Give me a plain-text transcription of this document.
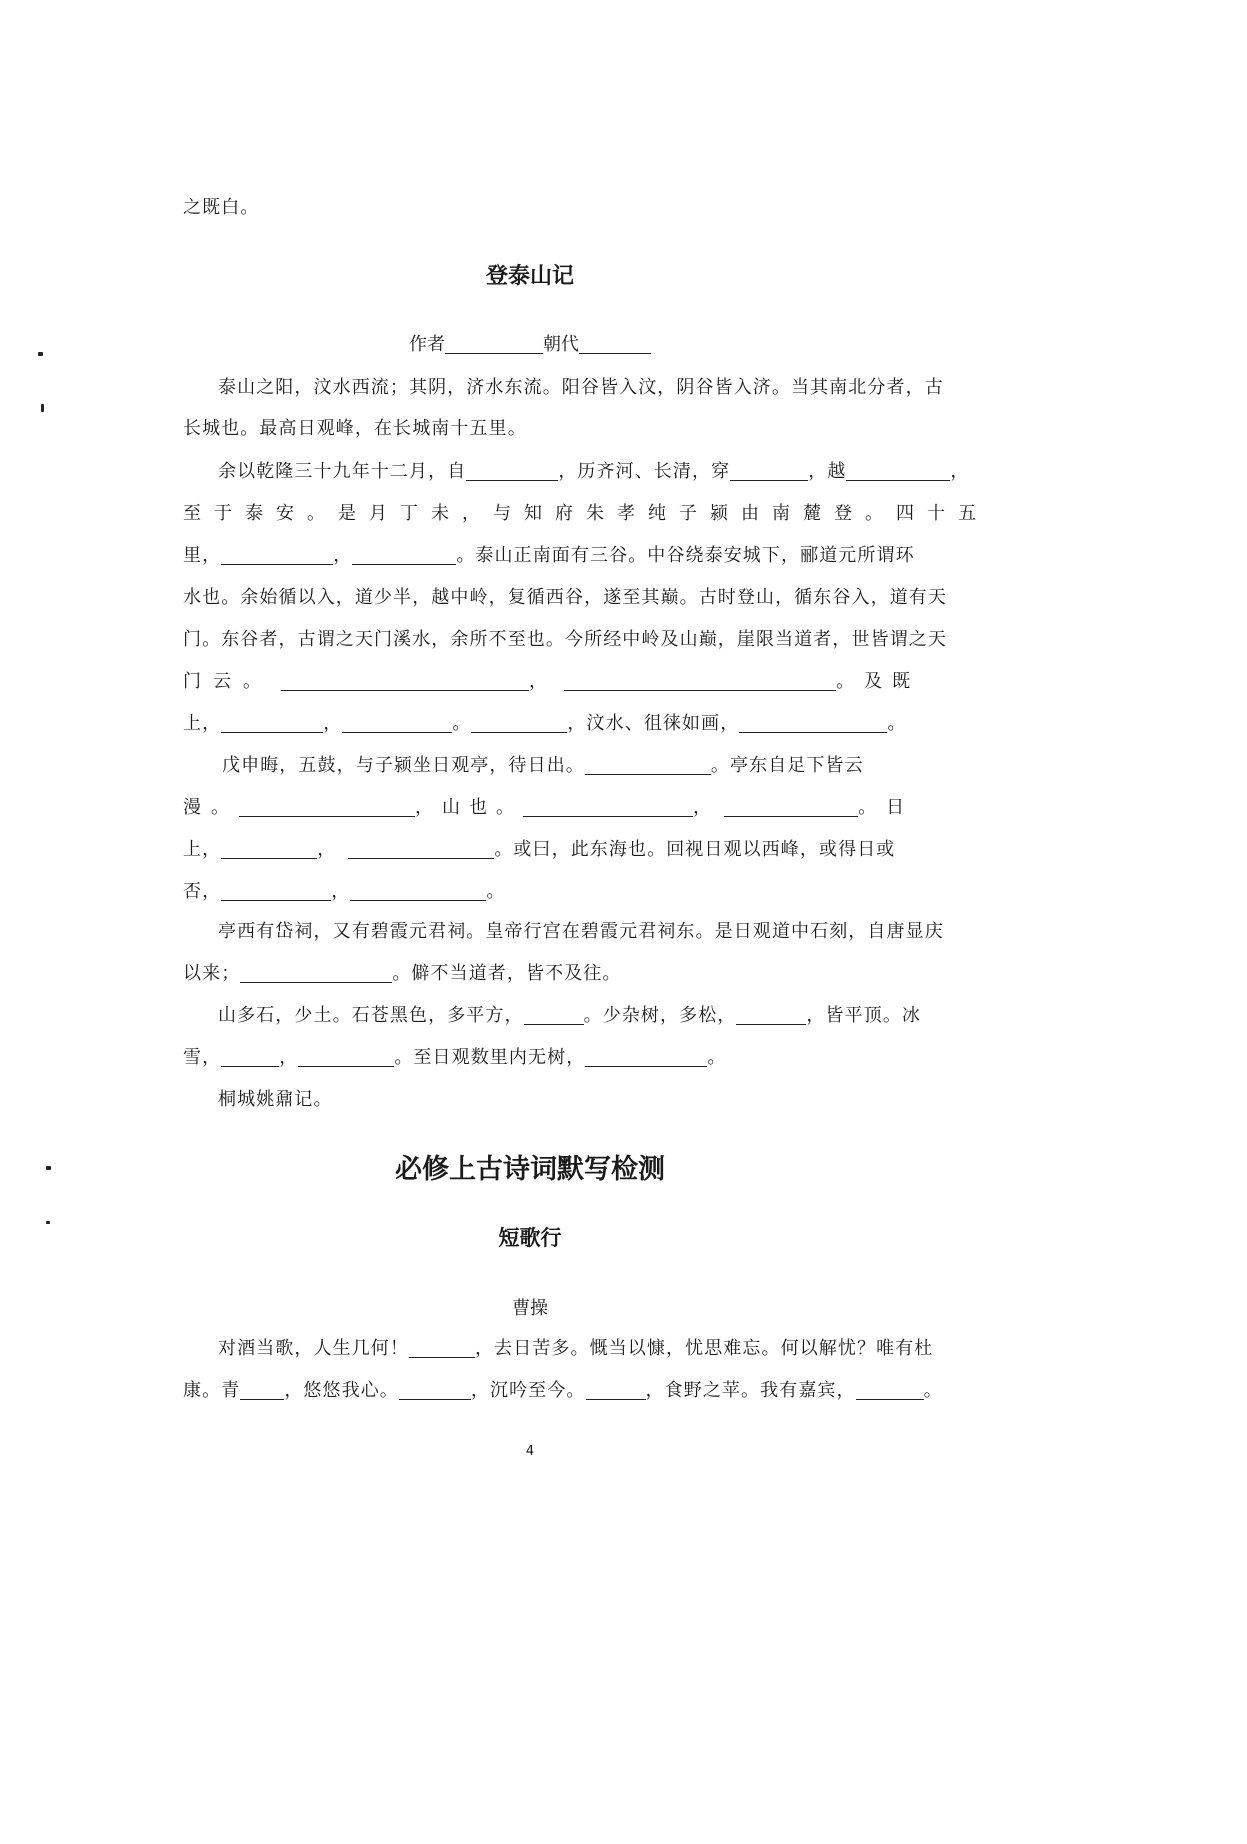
之既白。
登泰山记
作者	朝代
泰山之阳，汶水西流；其阴，济水东流。阳谷皆入汶，阴谷皆入济。当其南北分者，古
长城也。最高日观峰，在长城南十五里。
余以乾隆三十九年十二月，自	，历齐河、长清，穿	，越	，
至于泰安。是月丁未，与知府朱孝纯子颍由南麓登。四十五
里，	，	。泰山正南面有三谷。中谷绕泰安城下，郦道元所谓环
水也。余始循以入，道少半，越中岭，复循西谷，遂至其巅。古时登山，循东谷入，道有天
门。东谷者，古谓之天门溪水，余所不至也。今所经中岭及山巅，崖限当道者，世皆谓之天
门云。	，	。及既
上，	，	。	，汶水、徂徕如画，	。
戊申晦，五鼓，与子颍坐日观亭，待日出。	。亭东自足下皆云
漫。	，山也。	，	。日
上，	，	。或曰，此东海也。回视日观以西峰，或得日或
否，	，	。
亭西有岱祠，又有碧霞元君祠。皇帝行宫在碧霞元君祠东。是日观道中石刻，自唐显庆
以来；	。僻不当道者，皆不及往。
山多石，少土。石苍黑色，多平方，	。少杂树，多松，	，皆平顶。冰
雪，	，	。至日观数里内无树，	。
桐城姚鼐记。
必修上古诗词默写检测
短歌行
曹操
对酒当歌，人生几何！	，去日苦多。慨当以慷，忧思难忘。何以解忧？唯有杜
康。青 ，悠悠我心。	，沉吟至今。	，食野之苹。我有嘉宾，	。
4
